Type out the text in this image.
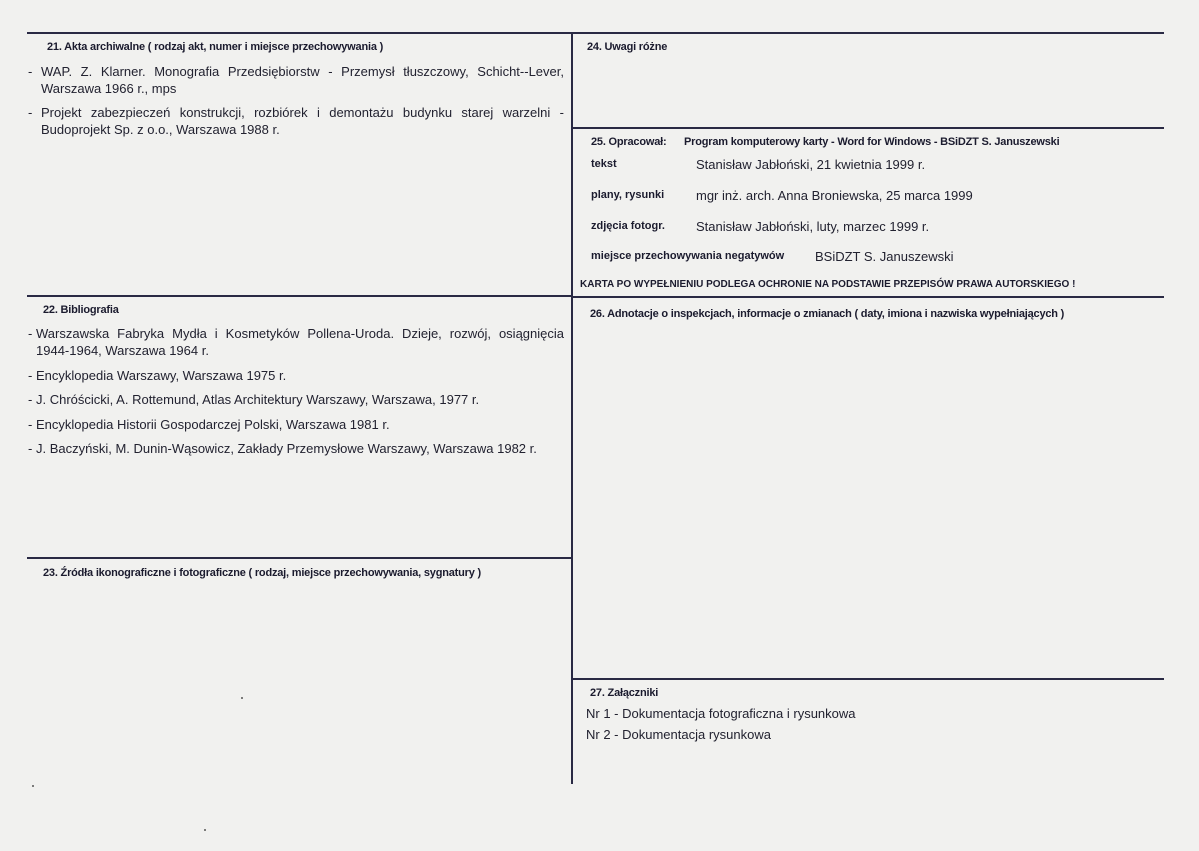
21. Akta archiwalne ( rodzaj akt, numer i miejsce przechowywania )
- WAP. Z. Klarner. Monografia Przedsiębiorstw - Przemysł tłuszczowy, Schicht--Lever, Warszawa 1966 r., mps
- Projekt zabezpieczeń konstrukcji, rozbiórek i demontażu budynku starej warzelni - Budoprojekt Sp. z o.o., Warszawa 1988 r.
22. Bibliografia
- Warszawska Fabryka Mydła i Kosmetyków Pollena-Uroda. Dzieje, rozwój, osiągnięcia 1944-1964, Warszawa 1964 r.
- Encyklopedia Warszawy, Warszawa 1975 r.
- J. Chróścicki, A. Rottemund, Atlas Architektury Warszawy, Warszawa, 1977 r.
- Encyklopedia Historii Gospodarczej Polski, Warszawa 1981 r.
- J. Baczyński, M. Dunin-Wąsowicz, Zakłady Przemysłowe Warszawy, Warszawa 1982 r.
23. Źródła ikonograficzne i fotograficzne ( rodzaj, miejsce przechowywania, sygnatury )
24. Uwagi różne
25. Opracował: Program komputerowy karty - Word for Windows - BSiDZT S. Januszewski
tekst	Stanisław Jabłoński, 21 kwietnia 1999 r.
plany, rysunki mgr inż. arch. Anna Broniewska, 25 marca 1999
zdjęcia fotogr. Stanisław Jabłoński, luty, marzec 1999 r.
miejsce przechowywania negatywów BSiDZT S. Januszewski
KARTA PO WYPEŁNIENIU PODLEGA OCHRONIE NA PODSTAWIE PRZEPISÓW PRAWA AUTORSKIEGO !
26. Adnotacje o inspekcjach, informacje o zmianach ( daty, imiona i nazwiska wypełniających )
27. Załączniki
Nr 1 - Dokumentacja fotograficzna i rysunkowa
Nr 2 - Dokumentacja rysunkowa
